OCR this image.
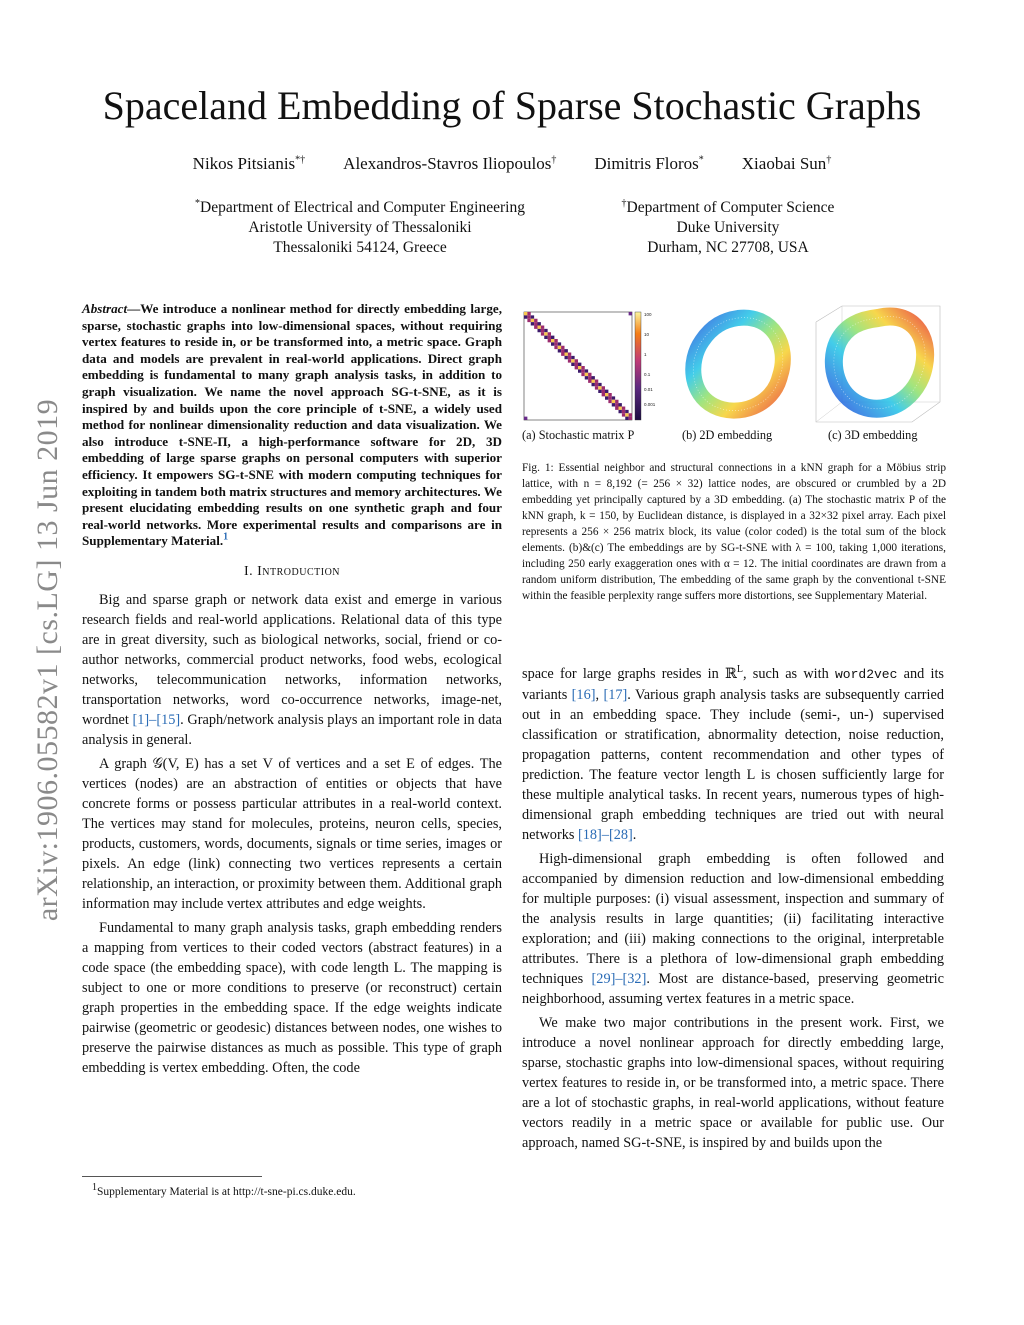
arXiv:1906.05582v1 [cs.LG] 13 Jun 2019
Spaceland Embedding of Sparse Stochastic Graphs
Nikos Pitsianis*† Alexandros-Stavros Iliopoulos† Dimitris Floros* Xiaobai Sun†
*Department of Electrical and Computer Engineering
Aristotle University of Thessaloniki
Thessaloniki 54124, Greece
†Department of Computer Science
Duke University
Durham, NC 27708, USA
Abstract—We introduce a nonlinear method for directly embedding large, sparse, stochastic graphs into low-dimensional spaces, without requiring vertex features to reside in, or be transformed into, a metric space. Graph data and models are prevalent in real-world applications. Direct graph embedding is fundamental to many graph analysis tasks, in addition to graph visualization. We name the novel approach SG-t-SNE, as it is inspired by and builds upon the core principle of t-SNE, a widely used method for nonlinear dimensionality reduction and data visualization. We also introduce t-SNE-Π, a high-performance software for 2D, 3D embedding of large sparse graphs on personal computers with superior efficiency. It empowers SG-t-SNE with modern computing techniques for exploiting in tandem both matrix structures and memory architectures. We present elucidating embedding results on one synthetic graph and four real-world networks. More experimental results and comparisons are in Supplementary Material.$^1$
I. Introduction

Big and sparse graph or network data exist and emerge in various research fields and real-world applications. Relational data of this type are in great diversity, such as biological networks, social, friend or co-author networks, commercial product networks, food webs, ecological networks, telecommunication networks, information networks, transportation networks, word co-occurrence networks, image-net, wordnet [1]–[15]. Graph/network analysis plays an important role in data analysis in general.

A graph 𝒢(V, E) has a set V of vertices and a set E of edges. The vertices (nodes) are an abstraction of entities or objects that have concrete forms or possess particular attributes in a real-world context. The vertices may stand for molecules, proteins, neuron cells, species, products, customers, words, documents, signals or time series, images or pixels. An edge (link) connecting two vertices represents a certain relationship, an interaction, or proximity between them. Additional graph information may include vertex attributes and edge weights.

Fundamental to many graph analysis tasks, graph embedding renders a mapping from vertices to their coded vectors (abstract features) in a code space (the embedding space), with code length L. The mapping is subject to one or more conditions to preserve (or reconstruct) certain graph properties in the embedding space. If the edge weights indicate pairwise (geometric or geodesic) distances between nodes, one wishes to preserve the pairwise distances as much as possible. This type of graph embedding is vertex embedding. Often, the code

$^1$Supplementary Material is at http://t-sne-pi.cs.duke.edu.
100
10
1
0.1
0.01
0.001
(a) Stochastic matrix P	(b) 2D embedding	(c) 3D embedding
Fig. 1: Essential neighbor and structural connections in a kNN graph for a Möbius strip lattice, with n = 8,192 (= 256 × 32) lattice nodes, are obscured or crumbled by a 2D embedding yet principally captured by a 3D embedding. (a) The stochastic matrix P of the kNN graph, k = 150, by Euclidean distance, is displayed in a 32×32 pixel array. Each pixel represents a 256 × 256 matrix block, its value (color coded) is the total sum of the block elements. (b)&(c) The embeddings are by SG-t-SNE with λ = 100, taking 1,000 iterations, including 250 early exaggeration ones with α = 12. The initial coordinates are drawn from a random uniform distribution, The embedding of the same graph by the conventional t-SNE within the feasible perplexity range suffers more distortions, see Supplementary Material.

space for large graphs resides in ℝ$^L$, such as with word2vec and its variants [16], [17]. Various graph analysis tasks are subsequently carried out in an embedding space. They include (semi-, un-) supervised classification or stratification, abnormality detection, noise reduction, propagation patterns, content recommendation and other types of prediction. The feature vector length L is chosen sufficiently large for these multiple analytical tasks. In recent years, numerous types of high-dimensional graph embedding techniques are tried out with neural networks [18]–[28].

High-dimensional graph embedding is often followed and accompanied by dimension reduction and low-dimensional embedding for multiple purposes: (i) visual assessment, inspection and summary of the analysis results in large quantities; (ii) facilitating interactive exploration; and (iii) making connections to the original, interpretable attributes. There is a plethora of low-dimensional graph embedding techniques [29]–[32]. Most are distance-based, preserving geometric neighborhood, assuming vertex features in a metric space.

We make two major contributions in the present work. First, we introduce a novel nonlinear approach for directly embedding large, sparse, stochastic graphs into low-dimensional spaces, without requiring vertex features to reside in, or be transformed into, a metric space. There are a lot of stochastic graphs, in real-world applications, without feature vectors readily in a metric space or available for public use. Our approach, named SG-t-SNE, is inspired by and builds upon the
